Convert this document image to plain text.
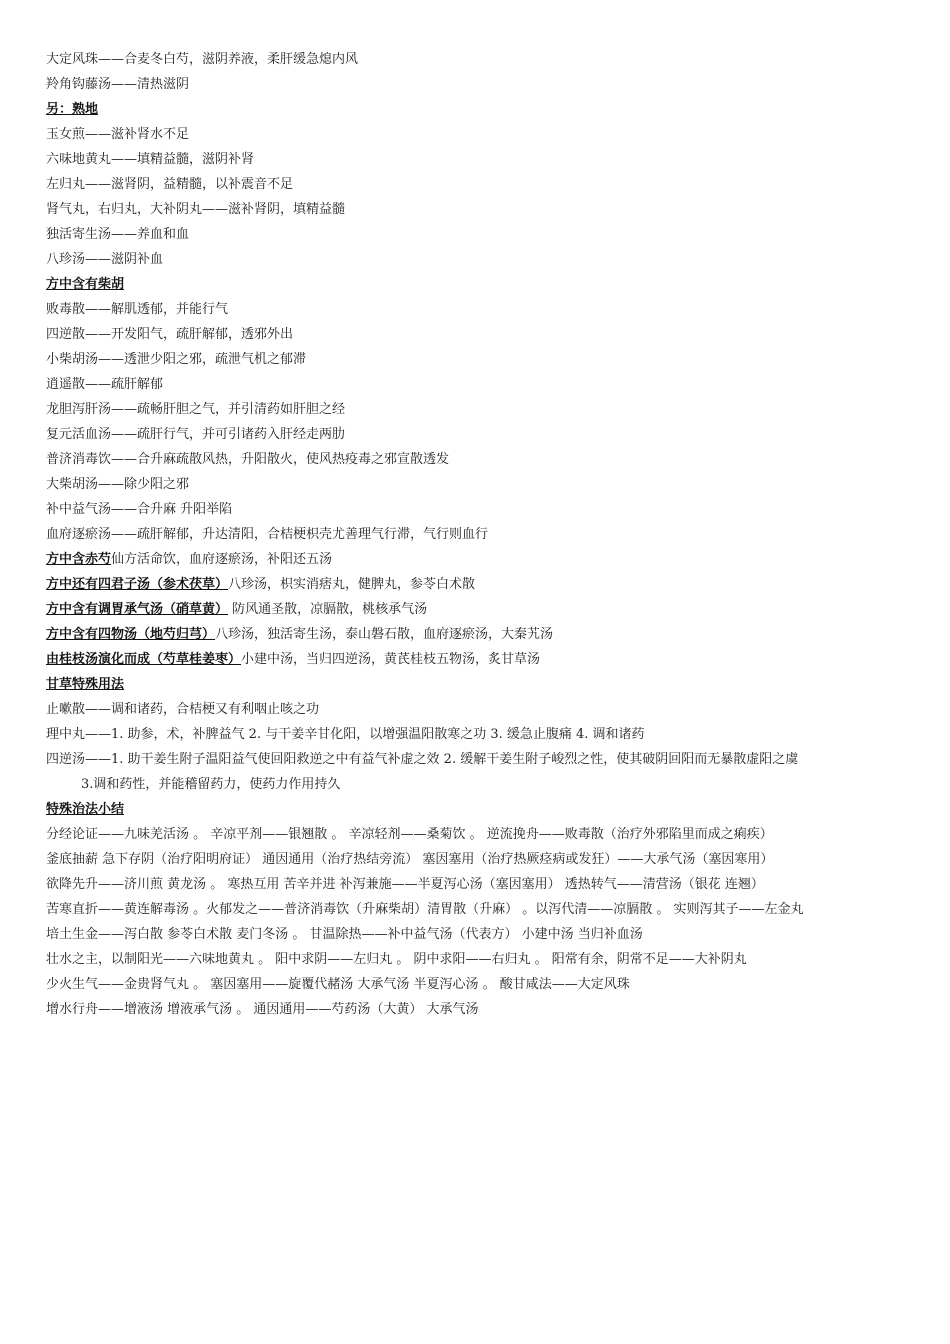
大定风珠——合麦冬白芍，滋阴养液，柔肝缓急熄内风
羚角钩藤汤——清热滋阴
另：熟地
玉女煎——滋补肾水不足
六味地黄丸——填精益髓，滋阴补肾
左归丸——滋肾阴，益精髓，以补震音不足
肾气丸，右归丸，大补阴丸——滋补肾阴，填精益髓
独活寄生汤——养血和血
八珍汤——滋阴补血
方中含有柴胡
败毒散——解肌透郁，并能行气
四逆散——开发阳气，疏肝解郁，透邪外出
小柴胡汤——透泄少阳之邪，疏泄气机之郁滞
逍遥散——疏肝解郁
龙胆泻肝汤——疏畅肝胆之气，并引清药如肝胆之经
复元活血汤——疏肝行气，并可引诸药入肝经走两肋
普济消毒饮——合升麻疏散风热，升阳散火，使风热疫毒之邪宣散透发
大柴胡汤——除少阳之邪
补中益气汤——合升麻 升阳举陷
血府逐瘀汤——疏肝解郁，升达清阳，合桔梗枳壳尤善理气行滞，气行则血行
方中含赤芍仙方活命饮，血府逐瘀汤，补阳还五汤
方中还有四君子汤（参术茯草）八珍汤，枳实消痞丸，健脾丸，参苓白术散
方中含有调胃承气汤（硝草黄） 防风通圣散，凉膈散，桃核承气汤
方中含有四物汤（地芍归芎）八珍汤，独活寄生汤，泰山磐石散，血府逐瘀汤，大秦艽汤
由桂枝汤演化而成（芍草桂姜枣）小建中汤，当归四逆汤，黄芪桂枝五物汤，炙甘草汤
甘草特殊用法
止嗽散——调和诸药，合桔梗又有利咽止咳之功
理中丸——1. 助参，术，补脾益气 2. 与干姜辛甘化阳，以增强温阳散寒之功 3. 缓急止腹痛 4. 调和诸药
四逆汤——1. 助干姜生附子温阳益气使回阳救逆之中有益气补虚之效 2. 缓解干姜生附子峻烈之性，使其破阴回阳而无暴散虚阳之虞
3.调和药性，并能稽留药力，使药力作用持久
特殊治法小结
分经论证——九味羌活汤 。 辛凉平剂——银翘散 。 辛凉轻剂——桑菊饮 。 逆流挽舟——败毒散（治疗外邪陷里而成之痢疾）
釜底抽薪 急下存阴（治疗阳明府证） 通因通用（治疗热结旁流） 塞因塞用（治疗热厥痉病或发狂）——大承气汤（塞因寒用）
欲降先升——济川煎 黄龙汤 。 寒热互用 苦辛并进 补泻兼施——半夏泻心汤（塞因塞用） 透热转气——清营汤（银花 连翘）
苦寒直折——黄连解毒汤 。火郁发之——普济消毒饮（升麻柴胡）清胃散（升麻） 。以泻代清——凉膈散 。 实则泻其子——左金丸
培土生金——泻白散 参苓白术散 麦门冬汤 。 甘温除热——补中益气汤（代表方） 小建中汤 当归补血汤
壮水之主，以制阳光——六味地黄丸 。 阳中求阴——左归丸 。 阴中求阳——右归丸 。 阳常有余，阴常不足——大补阴丸
少火生气——金贵肾气丸 。 塞因塞用——旋覆代赭汤 大承气汤 半夏泻心汤 。 酸甘咸法——大定风珠
增水行舟——增液汤 增液承气汤 。 通因通用——芍药汤（大黄） 大承气汤
